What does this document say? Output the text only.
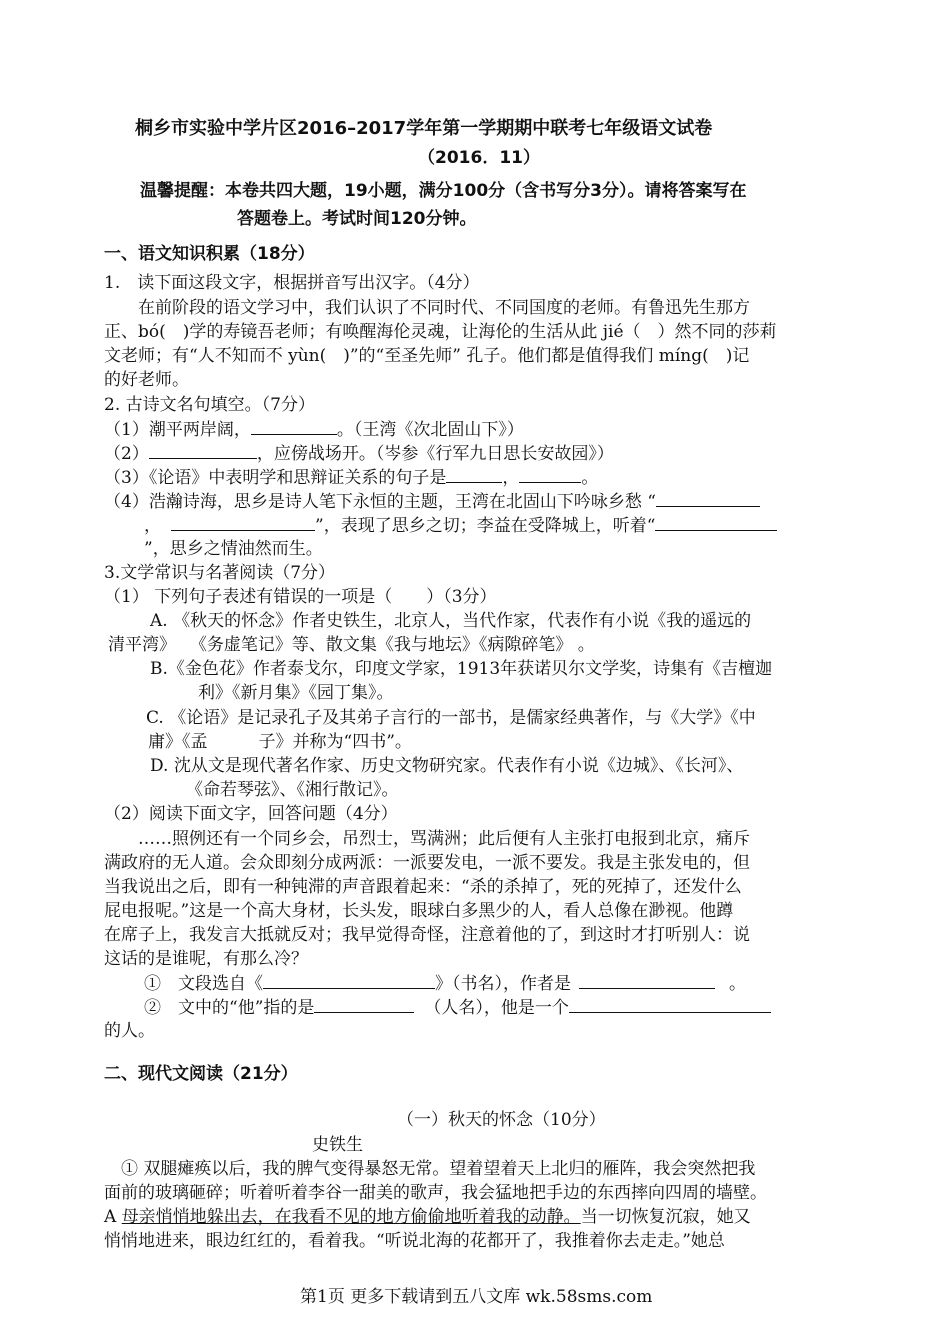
桐乡市实验中学片区2016–2017学年第一学期期中联考七年级语文试卷
（2016．11）
温馨提醒：本卷共四大题，19小题，满分100分（含书写分3分）。请将答案写在
答题卷上。考试时间120分钟。
一、语文知识积累（18分）
1.　读下面这段文字，根据拼音写出汉字。（4分）
　　在前阶段的语文学习中，我们认识了不同时代、不同国度的老师。有鲁迅先生那方
正、bó(　)学的寿镜吾老师；有唤醒海伦灵魂，让海伦的生活从此 jié（　）然不同的莎莉
文老师；有“人不知而不 yùn(　)”的“至圣先师” 孔子。他们都是值得我们 míng(　)记
的好老师。
2. 古诗文名句填空。（7分）
（1）潮平两岸阔，	。（王湾《次北固山下》）
（2）	，应傍战场开。（岑参《行军九日思长安故园》）
（3）《论语》中表明学和思辩证关系的句子是	，	。
（4）浩瀚诗海，思乡是诗人笔下永恒的主题，王湾在北固山下吟咏乡愁 “
，	”，表现了思乡之切；李益在受降城上，听着“
”，思乡之情油然而生。
3.文学常识与名著阅读（7分）
（1） 下列句子表述有错误的一项是（　　）（3分）
A. 《秋天的怀念》作者史铁生，北京人，当代作家，代表作有小说《我的遥远的
清平湾》　 《务虚笔记》等、散文集《我与地坛》《病隙碎笔》 。
B.《金色花》作者泰戈尔，印度文学家，1913年获诺贝尔文学奖，诗集有《吉檀迦
利》《新月集》《园丁集》。
C. 《论语》是记录孔子及其弟子言行的一部书，是儒家经典著作，与《大学》《中
庸》《孟　　　子》并称为“四书”。
D. 沈从文是现代著名作家、历史文物研究家。代表作有小说《边城》、《长河》、
《命若琴弦》、《湘行散记》。
（2）阅读下面文字，回答问题（4分）
　　……照例还有一个同乡会，吊烈士，骂满洲；此后便有人主张打电报到北京，痛斥
满政府的无人道。会众即刻分成两派：一派要发电，一派不要发。我是主张发电的，但
当我说出之后，即有一种钝滞的声音跟着起来：“杀的杀掉了，死的死掉了，还发什么
屁电报呢。”这是一个高大身材，长头发，眼球白多黑少的人，看人总像在渺视。他蹲
在席子上，我发言大抵就反对；我早觉得奇怪，注意着他的了，到这时才打听别人：说
这话的是谁呢，有那么冷？
①　文段选自《	》（书名），作者是	。
②　文中的“他”指的是	（人名），他是一个
的人。
二、现代文阅读（21分）
（一）秋天的怀念（10分）
史铁生
　① 双腿瘫痪以后，我的脾气变得暴怒无常。望着望着天上北归的雁阵，我会突然把我
面前的玻璃砸碎；听着听着李谷一甜美的歌声，我会猛地把手边的东西摔向四周的墙壁。
A 母亲悄悄地躲出去，在我看不见的地方偷偷地听着我的动静。当一切恢复沉寂，她又
悄悄地进来，眼边红红的，看着我。“听说北海的花都开了，我推着你去走走。”她总
第1页 更多下载请到五八文库 wk.58sms.com
